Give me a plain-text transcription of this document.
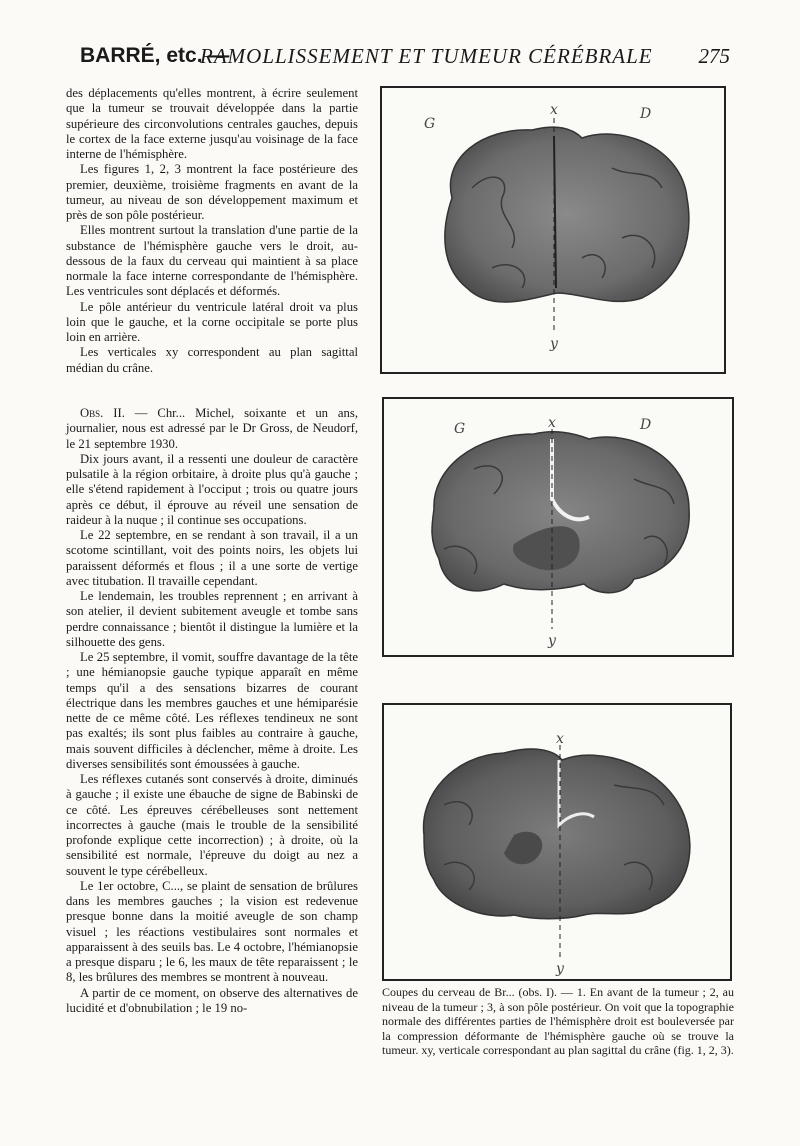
BARRÉ, etc. —
RAMOLLISSEMENT ET TUMEUR CÉRÉBRALE 275

des déplacements qu'elles montrent, à écrire seulement que la tumeur se trouvait développée dans la partie supérieure des circonvolutions centrales gauches, depuis le cortex de la face externe jusqu'au voisinage de la face interne de l'hémisphère.

Les figures 1, 2, 3 montrent la face postérieure des premier, deuxième, troisième fragments en avant de la tumeur, au niveau de son développement maximum et près de son pôle postérieur.

Elles montrent surtout la translation d'une partie de la substance de l'hémisphère gauche vers le droit, au-dessous de la faux du cerveau qui maintient à sa place normale la face interne correspondante de l'hémisphère. Les ventricules sont déplacés et déformés.

Le pôle antérieur du ventricule latéral droit va plus loin que le gauche, et la corne occipitale se porte plus loin en arrière.

Les verticales xy correspondent au plan sagittal médian du crâne.

Obs. II. — Chr... Michel, soixante et un ans, journalier, nous est adressé par le Dr Gross, de Neudorf, le 21 septembre 1930.

Dix jours avant, il a ressenti une douleur de caractère pulsatile à la région orbitaire, à droite plus qu'à gauche ; elle s'étend rapidement à l'occiput ; trois ou quatre jours après ce début, il éprouve au réveil une sensation de raideur à la nuque ; il continue ses occupations.

Le 22 septembre, en se rendant à son travail, il a un scotome scintillant, voit des points noirs, les objets lui paraissent déformés et flous ; il a une sorte de vertige avec titubation. Il travaille cependant.

Le lendemain, les troubles reprennent ; en arrivant à son atelier, il devient subitement aveugle et tombe sans perdre connaissance ; bientôt il distingue la lumière et la silhouette des gens.

Le 25 septembre, il vomit, souffre davantage de la tête ; une hémianopsie gauche typique apparaît en même temps qu'il a des sensations bizarres de courant électrique dans les membres gauches et une hémiparésie nette de ce même côté. Les réflexes tendineux ne sont pas exaltés; ils sont plus faibles au contraire à gauche, mais souvent difficiles à déclencher, même à droite. Les diverses sensibilités sont émoussées à gauche.

Les réflexes cutanés sont conservés à droite, diminués à gauche ; il existe une ébauche de signe de Babinski de ce côté. Les épreuves cérébelleuses sont nettement incorrectes à gauche (mais le trouble de la sensibilité profonde explique cette incorrection) ; à droite, où la sensibilité est normale, l'épreuve du doigt au nez a souvent le type cérébelleux.

Le 1er octobre, C..., se plaint de sensation de brûlures dans les membres gauches ; la vision est redevenue presque bonne dans la moitié aveugle de son champ visuel ; les réactions vestibulaires sont normales et apparaissent à des seuils bas. Le 4 octobre, l'hémianopsie a presque disparu ; le 6, les maux de tête reparaissent ; le 8, les brûlures des membres se montrent à nouveau.

A partir de ce moment, on observe des alternatives de lucidité et d'obnubilation ; le 19 no-

G
D
x
y
G	D
x
y
x
y
Coupes du cerveau de Br... (obs. I). — 1. En avant de la tumeur ; 2, au niveau de la tumeur ; 3, à son pôle postérieur. On voit que la topographie normale des différentes parties de l'hémisphère droit est bouleversée par la compression déformante de l'hémisphère gauche où se trouve la tumeur. xy, verticale correspondant au plan sagittal du crâne (fig. 1, 2, 3).
